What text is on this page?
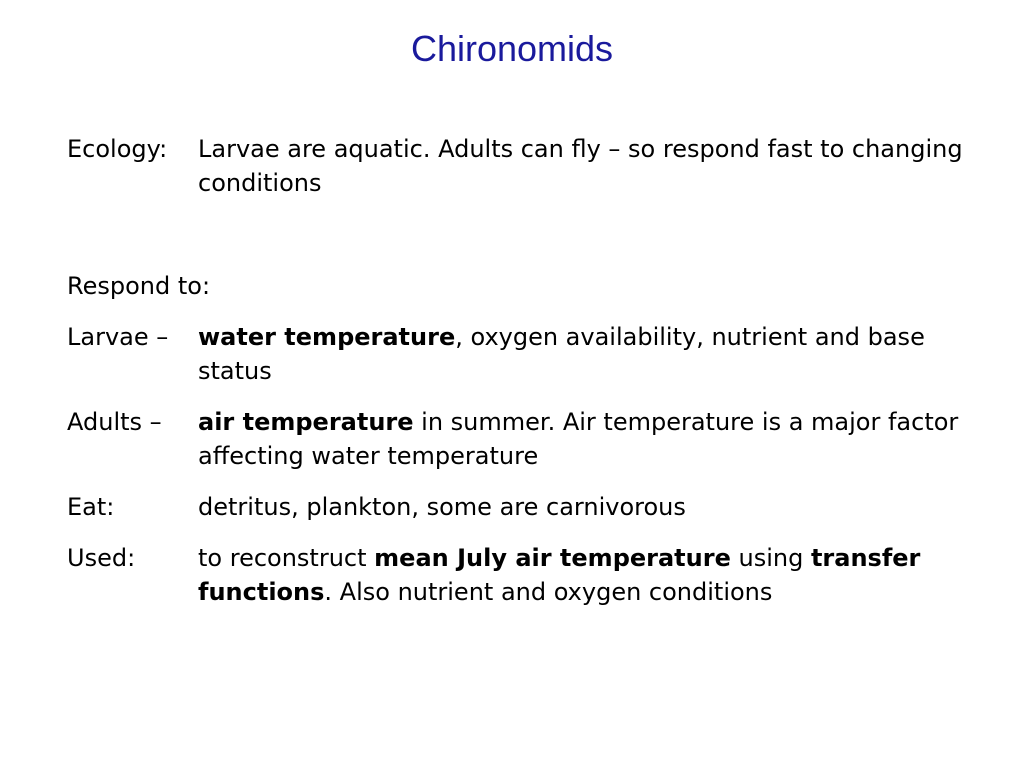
Chironomids
Ecology: Larvae are aquatic. Adults can fly – so respond fast to changing conditions
Respond to:
Larvae – water temperature, oxygen availability, nutrient and base status
Adults – air temperature in summer. Air temperature is a major factor affecting water temperature
Eat:	detritus, plankton, some are carnivorous
Used:	to reconstruct mean July air temperature using transfer functions. Also nutrient and oxygen conditions
